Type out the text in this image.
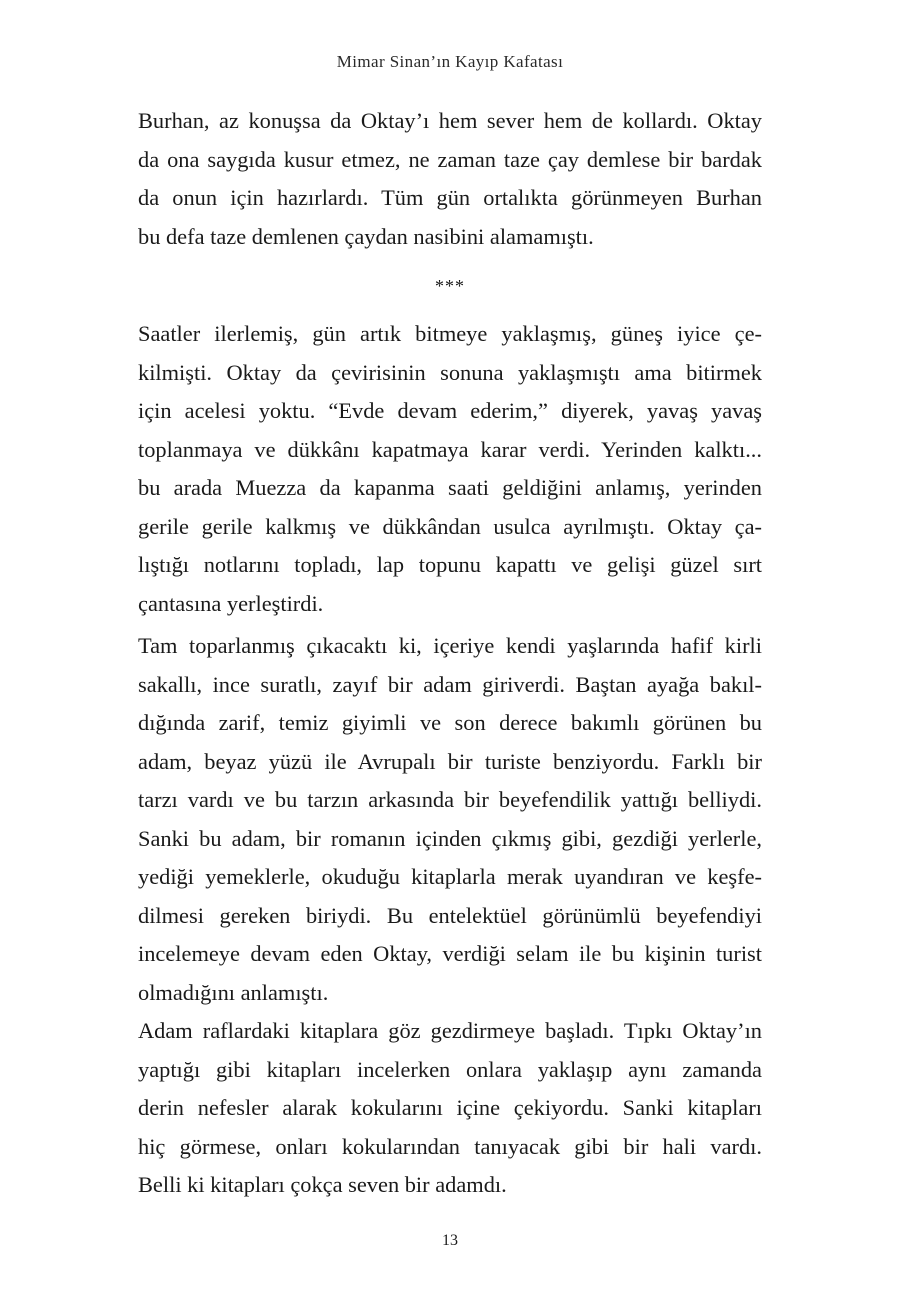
Mimar Sinan’ın Kayıp Kafatası

Burhan, az konuşsa da Oktay’ı hem sever hem de kollardı. Oktay
da ona saygıda kusur etmez, ne zaman taze çay demlese bir bardak
da onun için hazırlardı. Tüm gün ortalıkta görünmeyen Burhan
bu defa taze demlenen çaydan nasibini alamamıştı.

***

Saatler ilerlemiş, gün artık bitmeye yaklaşmış, güneş iyice çe-
kilmişti. Oktay da çevirisinin sonuna yaklaşmıştı ama bitirmek
için acelesi yoktu. “Evde devam ederim,” diyerek, yavaş yavaş
toplanmaya ve dükkânı kapatmaya karar verdi. Yerinden kalktı...
bu arada Muezza da kapanma saati geldiğini anlamış, yerinden
gerile gerile kalkmış ve dükkândan usulca ayrılmıştı. Oktay ça-
lıştığı notlarını topladı, lap topunu kapattı ve gelişi güzel sırt
çantasına yerleştirdi.

Tam toparlanmış çıkacaktı ki, içeriye kendi yaşlarında hafif kirli
sakallı, ince suratlı, zayıf bir adam giriverdi. Baştan ayağa bakıl-
dığında zarif, temiz giyimli ve son derece bakımlı görünen bu
adam, beyaz yüzü ile Avrupalı bir turiste benziyordu. Farklı bir
tarzı vardı ve bu tarzın arkasında bir beyefendilik yattığı belliydi.
Sanki bu adam, bir romanın içinden çıkmış gibi, gezdiği yerlerle,
yediği yemeklerle, okuduğu kitaplarla merak uyandıran ve keşfe-
dilmesi gereken biriydi. Bu entelektüel görünümlü beyefendiyi
incelemeye devam eden Oktay, verdiği selam ile bu kişinin turist
olmadığını anlamıştı.

Adam raflardaki kitaplara göz gezdirmeye başladı. Tıpkı Oktay’ın
yaptığı gibi kitapları incelerken onlara yaklaşıp aynı zamanda
derin nefesler alarak kokularını içine çekiyordu. Sanki kitapları
hiç görmese, onları kokularından tanıyacak gibi bir hali vardı.
Belli ki kitapları çokça seven bir adamdı.

13
